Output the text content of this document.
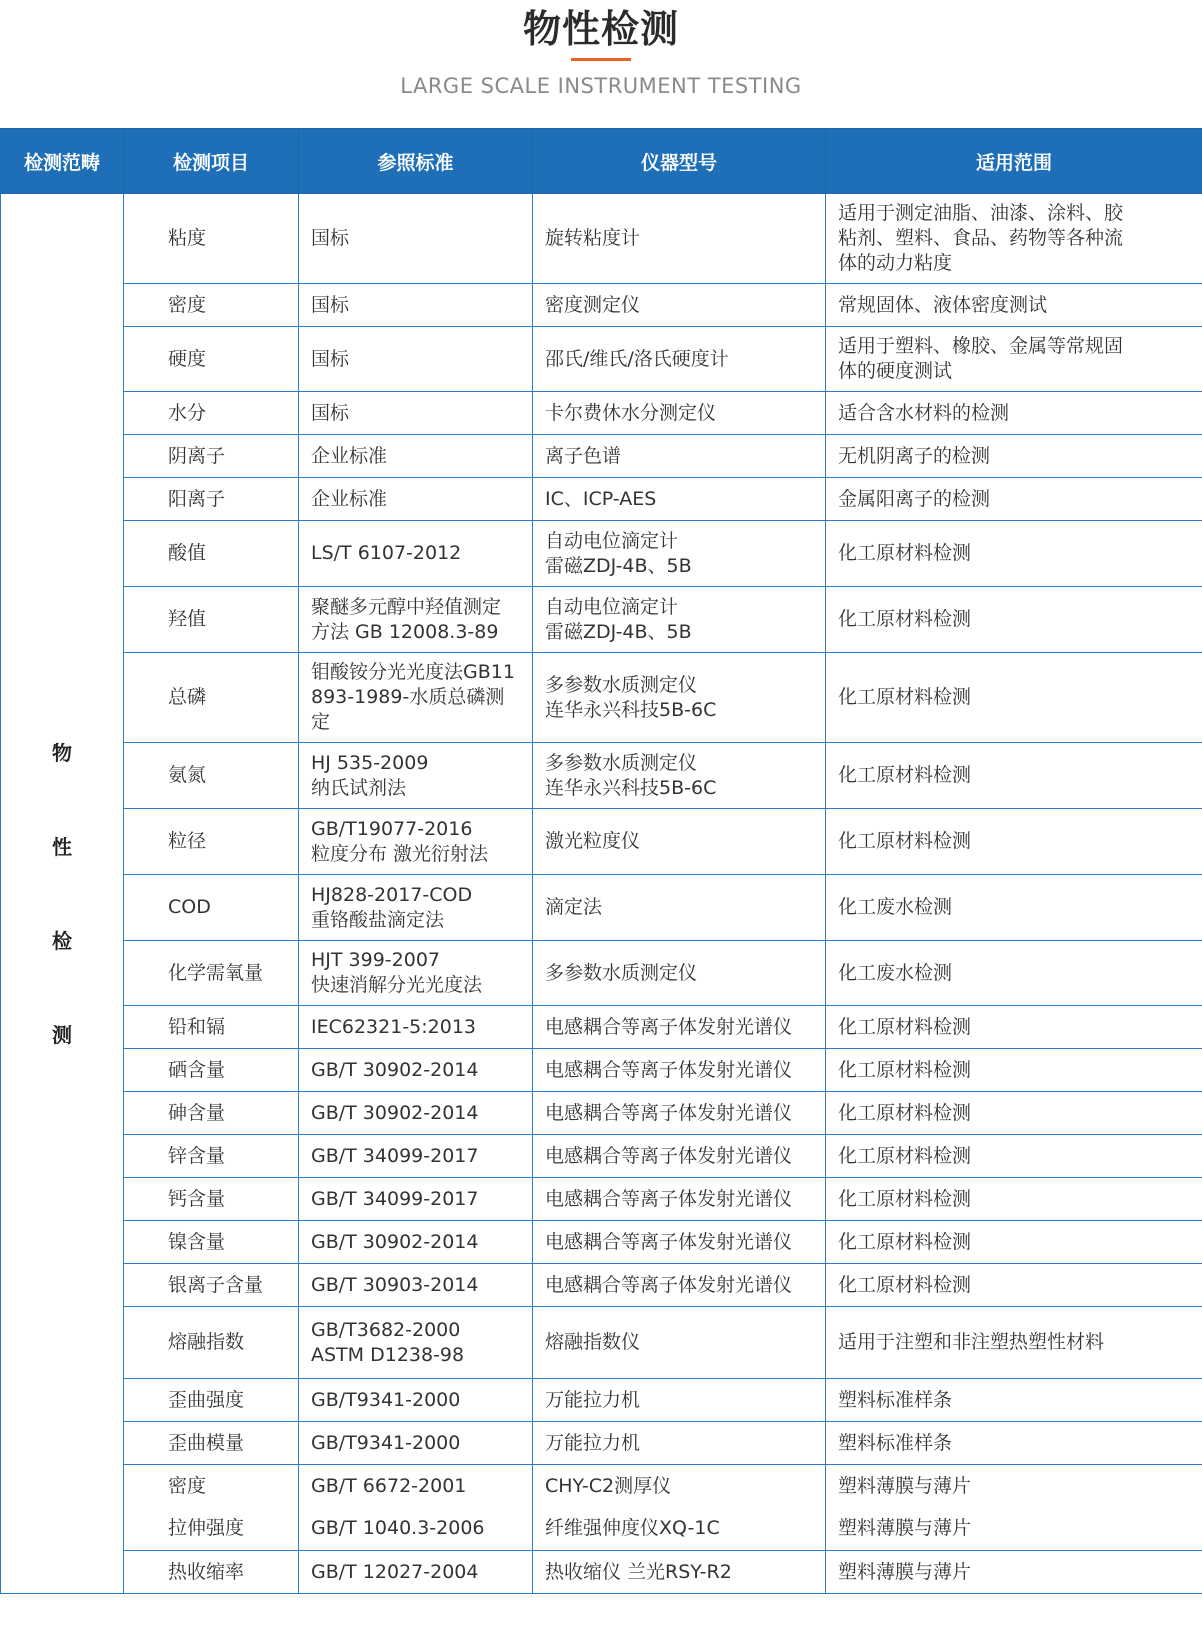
物性检测
LARGE SCALE INSTRUMENT TESTING
检测范畴	检测项目	参照标准	仪器型号	适用范围

物
性
检
测	粘度	国标	旋转粘度计	适用于测定油脂、油漆、涂料、胶
粘剂、塑料、食品、药物等各种流
体的动力粘度

	密度	国标	密度测定仪	常规固体、液体密度测试

	硬度	国标	邵氏/维氏/洛氏硬度计	适用于塑料、橡胶、金属等常规固
体的硬度测试

	水分	国标	卡尔费休水分测定仪	适合含水材料的检测

	阴离子	企业标准	离子色谱	无机阴离子的检测

	阳离子	企业标准	IC、ICP-AES	金属阳离子的检测

	酸值	LS/T 6107-2012	自动电位滴定计
雷磁ZDJ-4B、5B	化工原材料检测

	羟值	聚醚多元醇中羟值测定
方法 GB 12008.3-89	自动电位滴定计
雷磁ZDJ-4B、5B	化工原材料检测

	总磷	钼酸铵分光光度法GB11
893-1989-水质总磷测定	多参数水质测定仪
连华永兴科技5B-6C	化工原材料检测

	氨氮	HJ 535-2009
纳氏试剂法	多参数水质测定仪
连华永兴科技5B-6C	化工原材料检测

	粒径	GB/T19077-2016
粒度分布 激光衍射法	激光粒度仪	化工原材料检测

	COD	HJ828-2017-COD
重铬酸盐滴定法	滴定法	化工废水检测

	化学需氧量	HJT 399-2007
快速消解分光光度法	多参数水质测定仪	化工废水检测

	铅和镉	IEC62321-5:2013	电感耦合等离子体发射光谱仪	化工原材料检测

	硒含量	GB/T 30902-2014	电感耦合等离子体发射光谱仪	化工原材料检测

	砷含量	GB/T 30902-2014	电感耦合等离子体发射光谱仪	化工原材料检测

	锌含量	GB/T 34099-2017	电感耦合等离子体发射光谱仪	化工原材料检测

	钙含量	GB/T 34099-2017	电感耦合等离子体发射光谱仪	化工原材料检测

	镍含量	GB/T 30902-2014	电感耦合等离子体发射光谱仪	化工原材料检测

	银离子含量	GB/T 30903-2014	电感耦合等离子体发射光谱仪	化工原材料检测

	熔融指数	GB/T3682-2000
ASTM D1238-98	熔融指数仪	适用于注塑和非注塑热塑性材料

	歪曲强度	GB/T9341-2000	万能拉力机	塑料标准样条

	歪曲模量	GB/T9341-2000	万能拉力机	塑料标准样条

	密度	GB/T 6672-2001	CHY-C2测厚仪	塑料薄膜与薄片

	拉伸强度	GB/T 1040.3-2006	纤维强伸度仪XQ-1C	塑料薄膜与薄片

	热收缩率	GB/T 12027-2004	热收缩仪 兰光RSY-R2	塑料薄膜与薄片
